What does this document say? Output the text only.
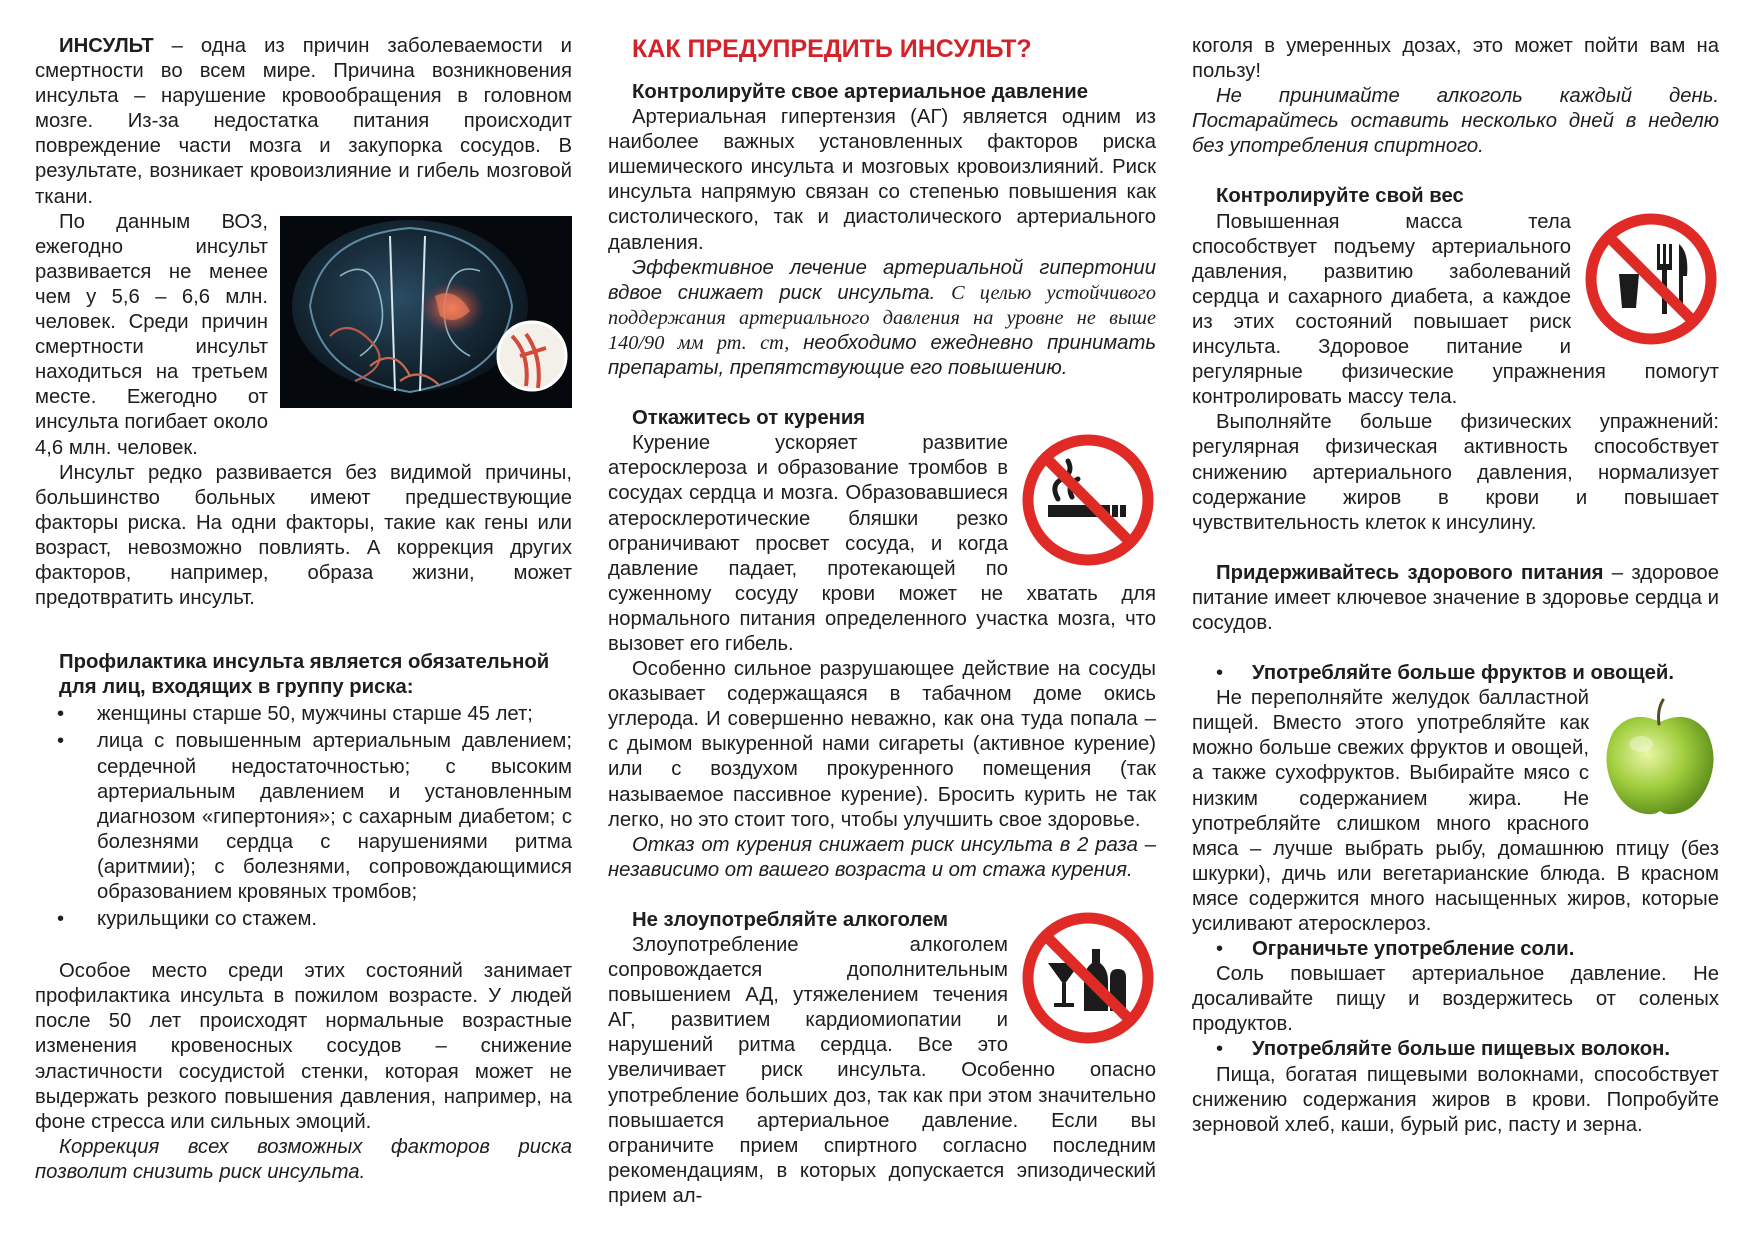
ИНСУЛЬТ – одна из причин заболеваемости и смертности во всем мире. Причина возникновения инсульта – нарушение кровообращения в головном мозге. Из-за недостатка питания происходит повреждение части мозга и закупорка сосудов. В результате, возникает кровоизлияние и гибель мозговой ткани.

По данным ВОЗ, ежегодно инсульт развивается не менее чем у 5,6 – 6,6 млн. человек. Среди причин смертности инсульт находиться на третьем месте. Ежегодно от инсульта погибает около 4,6 млн. человек.

Инсульт редко развивается без видимой причины, большинство больных имеют предшествующие факторы риска. На одни факторы, такие как гены или возраст, невозможно повлиять. А коррекция других факторов, например, образа жизни, может предотвратить инсульт.

Профилактика инсульта является обязательной для лиц, входящих в группу риска:

• женщины старше 50, мужчины старше 45 лет;
• лица с повышенным артериальным давлением; сердечной недостаточностью; с высоким артериальным давлением и установленным диагнозом «гипертония»; с сахарным диабетом; с болезнями сердца с нарушениями ритма (аритмии); с болезнями, сопровождающимися образованием кровяных тромбов;
• курильщики со стажем.

Особое место среди этих состояний занимает профилактика инсульта в пожилом возрасте. У людей после 50 лет происходят нормальные возрастные изменения кровеносных сосудов – снижение эластичности сосудистой стенки, которая может не выдержать резкого повышения давления, например, на фоне стресса или сильных эмоций.

Коррекция всех возможных факторов риска позволит снизить риск инсульта.

КАК ПРЕДУПРЕДИТЬ ИНСУЛЬТ?

Контролируйте свое артериальное давление

Артериальная гипертензия (АГ) является одним из наиболее важных установленных факторов риска ишемического инсульта и мозговых кровоизлияний. Риск инсульта напрямую связан со степенью повышения как систолического, так и диастолического артериального давления.

Эффективное лечение артериальной гипертонии вдвое снижает риск инсульта. С целью устойчивого поддержания артериального давления на уровне не выше 140/90 мм рт. ст, необходимо ежедневно принимать препараты, препятствующие его повышению.

Откажитесь от курения

Курение ускоряет развитие атеросклероза и образование тромбов в сосудах сердца и мозга. Образовавшиеся атеросклеротические бляшки резко ограничивают просвет сосуда, и когда давление падает, протекающей по суженному сосуду крови может не хватать для нормального питания определенного участка мозга, что вызовет его гибель.

Особенно сильное разрушающее действие на сосуды оказывает содержащаяся в табачном доме окись углерода. И совершенно неважно, как она туда попала – с дымом выкуренной нами сигареты (активное курение) или с воздухом прокуренного помещения (так называемое пассивное курение). Бросить курить не так легко, но это стоит того, чтобы улучшить свое здоровье.

Отказ от курения снижает риск инсульта в 2 раза – независимо от вашего возраста и от стажа курения.

Не злоупотребляйте алкоголем

Злоупотребление алкоголем сопровождается дополнительным повышением АД, утяжелением течения АГ, развитием кардиомиопатии и нарушений ритма сердца. Все это увеличивает риск инсульта. Особенно опасно употребление больших доз, так как при этом значительно повышается артериальное давление. Если вы ограничите прием спиртного согласно последним рекомендациям, в которых допускается эпизодический прием ал-

коголя в умеренных дозах, это может пойти вам на пользу!

Не принимайте алкоголь каждый день. Постарайтесь оставить несколько дней в неделю без употребления спиртного.

Контролируйте свой вес

Повышенная масса тела способствует подъему артериального давления, развитию заболеваний сердца и сахарного диабета, а каждое из этих состояний повышает риск инсульта. Здоровое питание и регулярные физические упражнения помогут контролировать массу тела.

Выполняйте больше физических упражнений: регулярная физическая активность способствует снижению артериального давления, нормализует содержание жиров в крови и повышает чувствительность клеток к инсулину.

Придерживайтесь здорового питания – здоровое питание имеет ключевое значение в здоровье сердца и сосудов.

• Употребляйте больше фруктов и овощей.

Не переполняйте желудок балластной пищей. Вместо этого употребляйте как можно больше свежих фруктов и овощей, а также сухофруктов. Выбирайте мясо с низким содержанием жира. Не употребляйте слишком много красного мяса – лучше выбрать рыбу, домашнюю птицу (без шкурки), дичь или вегетарианские блюда. В красном мясе содержится много насыщенных жиров, которые усиливают атеросклероз.

• Ограничьте употребление соли.

Соль повышает артериальное давление. Не досаливайте пищу и воздержитесь от соленых продуктов.

• Употребляйте больше пищевых волокон.

Пища, богатая пищевыми волокнами, способствует снижению содержания жиров в крови. Попробуйте зерновой хлеб, каши, бурый рис, пасту и зерна.
